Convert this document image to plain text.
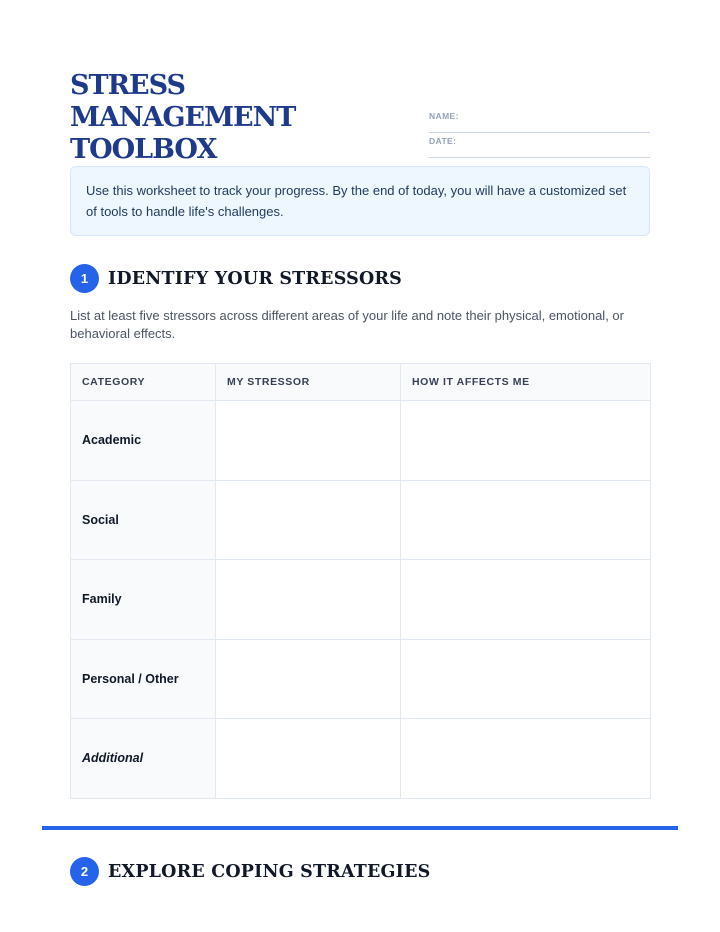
STRESS MANAGEMENT TOOLBOX
NAME:
DATE:

Use this worksheet to track your progress. By the end of today, you will have a customized set of tools to handle life's challenges.

1	IDENTIFY YOUR STRESSORS

List at least five stressors across different areas of your life and note their physical, emotional, or behavioral effects.

CATEGORY	MY STRESSOR	HOW IT AFFECTS ME
Academic		
Social		
Family		
Personal / Other		
Additional		
2	EXPLORE COPING STRATEGIES
